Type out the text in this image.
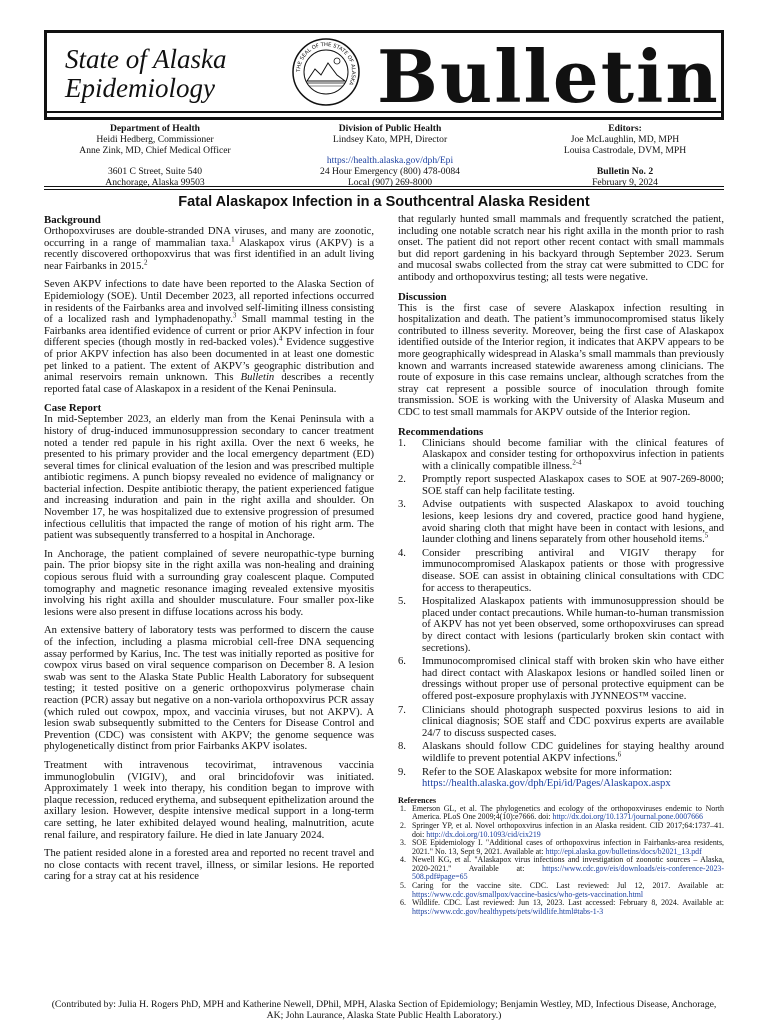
State of Alaska
Epidemiology
THE SEAL OF THE STATE OF ALASKA Bulletin
Department of Health
Heidi Hedberg, Commissioner
Anne Zink, MD, Chief Medical Officer
3601 C Street, Suite 540
Anchorage, Alaska 99503
Division of Public Health
Lindsey Kato, MPH, Director
https://health.alaska.gov/dph/Epi
24 Hour Emergency (800) 478-0084
Local (907) 269-8000
Editors:
Joe McLaughlin, MD, MPH
Louisa Castrodale, DVM, MPH
Bulletin No. 2
February 9, 2024
Fatal Alaskapox Infection in a Southcentral Alaska Resident
Background

Orthopoxviruses are double-stranded DNA viruses, and many are zoonotic, occurring in a range of mammalian taxa.$^1$ Alaskapox virus (AKPV) is a recently discovered orthopoxvirus that was first identified in an adult living near Fairbanks in 2015.$^2$

Seven AKPV infections to date have been reported to the Alaska Section of Epidemiology (SOE). Until December 2023, all reported infections occurred in residents of the Fairbanks area and involved self-limiting illness consisting of a localized rash and lymphadenopathy.$^3$ Small mammal testing in the Fairbanks area identified evidence of current or prior AKPV infection in four different species (though mostly in red-backed voles).$^4$ Evidence suggestive of prior AKPV infection has also been documented in at least one domestic pet linked to a patient. The extent of AKPV’s geographic distribution and animal reservoirs remain unknown. This Bulletin describes a recently reported fatal case of Alaskapox in a resident of the Kenai Peninsula.

Case Report

In mid-September 2023, an elderly man from the Kenai Peninsula with a history of drug-induced immunosuppression secondary to cancer treatment noted a tender red papule in his right axilla. Over the next 6 weeks, he presented to his primary provider and the local emergency department (ED) several times for clinical evaluation of the lesion and was prescribed multiple antibiotic regimens. A punch biopsy revealed no evidence of malignancy or bacterial infection. Despite antibiotic therapy, the patient experienced fatigue and increasing induration and pain in the right axilla and shoulder. On November 17, he was hospitalized due to extensive progression of presumed infectious cellulitis that impacted the range of motion of his right arm. The patient was subsequently transferred to a hospital in Anchorage.

In Anchorage, the patient complained of severe neuropathic-type burning pain. The prior biopsy site in the right axilla was non-healing and draining copious serous fluid with a surrounding gray coalescent plaque. Computed tomography and magnetic resonance imaging revealed extensive myositis involving his right axilla and shoulder musculature. Four smaller pox-like lesions were also present in diffuse locations across his body.

An extensive battery of laboratory tests was performed to discern the cause of the infection, including a plasma microbial cell-free DNA sequencing assay performed by Karius, Inc. The test was initially reported as positive for cowpox virus based on viral sequence comparison on December 8. A lesion swab was sent to the Alaska State Public Health Laboratory for subsequent testing; it tested positive on a generic orthopoxvirus polymerase chain reaction (PCR) assay but negative on a non-variola orthopoxvirus PCR assay (which ruled out cowpox, mpox, and vaccinia viruses, but not AKPV). A lesion swab subsequently submitted to the Centers for Disease Control and Prevention (CDC) was consistent with AKPV; the genome sequence was phylogenetically distinct from prior Fairbanks AKPV isolates.

Treatment with intravenous tecovirimat, intravenous vaccinia immunoglobulin (VIGIV), and oral brincidofovir was initiated. Approximately 1 week into therapy, his condition began to improve with plaque recession, reduced erythema, and subsequent epithelization around the axillary lesion. However, despite intensive medical support in a long-term care setting, he later exhibited delayed wound healing, malnutrition, acute renal failure, and respiratory failure. He died in late January 2024.

The patient resided alone in a forested area and reported no recent travel and no close contacts with recent travel, illness, or similar lesions. He reported caring for a stray cat at his residence

that regularly hunted small mammals and frequently scratched the patient, including one notable scratch near his right axilla in the month prior to rash onset. The patient did not report other recent contact with small mammals but did report gardening in his backyard through September 2023. Serum and mucosal swabs collected from the stray cat were submitted to CDC for antibody and orthopoxvirus testing; all tests were negative.

Discussion

This is the first case of severe Alaskapox infection resulting in hospitalization and death. The patient’s immunocompromised status likely contributed to illness severity. Moreover, being the first case of Alaskapox identified outside of the Interior region, it indicates that AKPV appears to be more geographically widespread in Alaska’s small mammals than previously known and warrants increased statewide awareness among clinicians. The route of exposure in this case remains unclear, although scratches from the stray cat represent a possible source of inoculation through fomite transmission. SOE is working with the University of Alaska Museum and CDC to test small mammals for AKPV outside of the Interior region.

Recommendations
1. Clinicians should become familiar with the clinical features of Alaskapox and consider testing for orthopoxvirus infection in patients with a clinically compatible illness.$^{2-4}$
2. Promptly report suspected Alaskapox cases to SOE at 907-269-8000; SOE staff can help facilitate testing.
3. Advise outpatients with suspected Alaskapox to avoid touching lesions, keep lesions dry and covered, practice good hand hygiene, avoid sharing cloth that might have been in contact with lesions, and launder clothing and linens separately from other household items.$^5$
4. Consider prescribing antiviral and VIGIV therapy for immunocompromised Alaskapox patients or those with progressive disease. SOE can assist in obtaining clinical consultations with CDC for access to therapeutics.
5. Hospitalized Alaskapox patients with immunosuppression should be placed under contact precautions. While human-to-human transmission of AKPV has not yet been observed, some orthopoxviruses can spread by direct contact with lesions (particularly broken skin contact with secretions).
6. Immunocompromised clinical staff with broken skin who have either had direct contact with Alaskapox lesions or handled soiled linen or dressings without proper use of personal protective equipment can be offered post-exposure prophylaxis with JYNNEOS™ vaccine.
7. Clinicians should photograph suspected poxvirus lesions to aid in clinical diagnosis; SOE staff and CDC poxvirus experts are available 24/7 to discuss suspected cases.
8. Alaskans should follow CDC guidelines for staying healthy around wildlife to prevent potential AKPV infections.$^6$
9. Refer to the SOE Alaskapox website for more information:
https://health.alaska.gov/dph/Epi/id/Pages/Alaskapox.aspx
References
1. Emerson GL, et al. The phylogenetics and ecology of the orthopoxviruses endemic to North America. PLoS One 2009;4(10):e7666. doi: http://dx.doi.org/10.1371/journal.pone.0007666
2. Springer YP, et al. Novel orthopoxvirus infection in an Alaska resident. CID 2017;64:1737–41. doi: http://dx.doi.org/10.1093/cid/cix219
3. SOE Epidemiology I. "Additional cases of orthopoxvirus infection in Fairbanks-area residents, 2021." No. 13, Sept 9, 2021. Available at: http://epi.alaska.gov/bulletins/docs/b2021_13.pdf
4. Newell KG, et al. "Alaskapox virus infections and investigation of zoonotic sources – Alaska, 2020-2021." Available at: https://www.cdc.gov/eis/downloads/eis-conference-2023-508.pdf#page=65
5. Caring for the vaccine site. CDC. Last reviewed: Jul 12, 2017. Available at: https://www.cdc.gov/smallpox/vaccine-basics/who-gets-vaccination.html
6. Wildlife. CDC. Last reviewed: Jun 13, 2023. Last accessed: February 8, 2024. Available at: https://www.cdc.gov/healthypets/pets/wildlife.html#tabs-1-3
(Contributed by: Julia H. Rogers PhD, MPH and Katherine Newell, DPhil, MPH, Alaska Section of Epidemiology; Benjamin Westley, MD, Infectious Disease, Anchorage, AK; John Laurance, Alaska State Public Health Laboratory.)
